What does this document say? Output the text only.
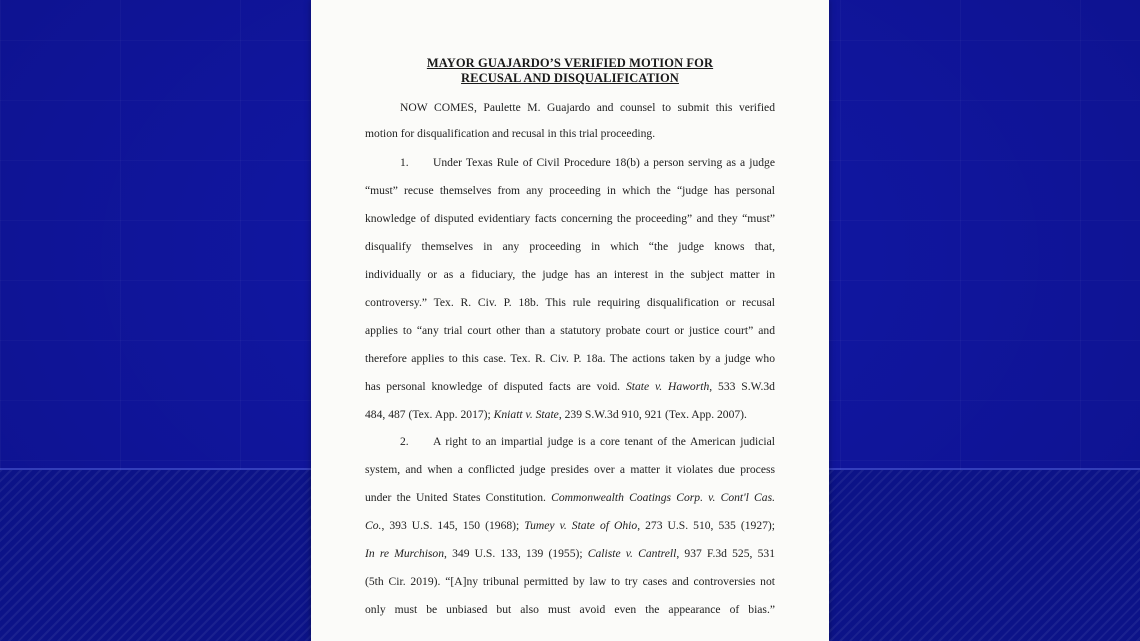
MAYOR GUAJARDO’S VERIFIED MOTION FOR
RECUSAL AND DISQUALIFICATION
NOW COMES, Paulette M. Guajardo and counsel to submit this verified
motion for disqualification and recusal in this trial proceeding.
1. Under Texas Rule of Civil Procedure 18(b) a person serving as a judge
“must” recuse themselves from any proceeding in which the “judge has personal
knowledge of disputed evidentiary facts concerning the proceeding” and they “must”
disqualify themselves in any proceeding in which “the judge knows that,
individually or as a fiduciary, the judge has an interest in the subject matter in
controversy.” Tex. R. Civ. P. 18b. This rule requiring disqualification or recusal
applies to “any trial court other than a statutory probate court or justice court” and
therefore applies to this case. Tex. R. Civ. P. 18a. The actions taken by a judge who
has personal knowledge of disputed facts are void. State v. Haworth, 533 S.W.3d
484, 487 (Tex. App. 2017); Kniatt v. State, 239 S.W.3d 910, 921 (Tex. App. 2007).
2. A right to an impartial judge is a core tenant of the American judicial
system, and when a conflicted judge presides over a matter it violates due process
under the United States Constitution. Commonwealth Coatings Corp. v. Cont'l Cas.
Co., 393 U.S. 145, 150 (1968); Tumey v. State of Ohio, 273 U.S. 510, 535 (1927);
In re Murchison, 349 U.S. 133, 139 (1955); Caliste v. Cantrell, 937 F.3d 525, 531
(5th Cir. 2019). “[A]ny tribunal permitted by law to try cases and controversies not
only must be unbiased but also must avoid even the appearance of bias.”
